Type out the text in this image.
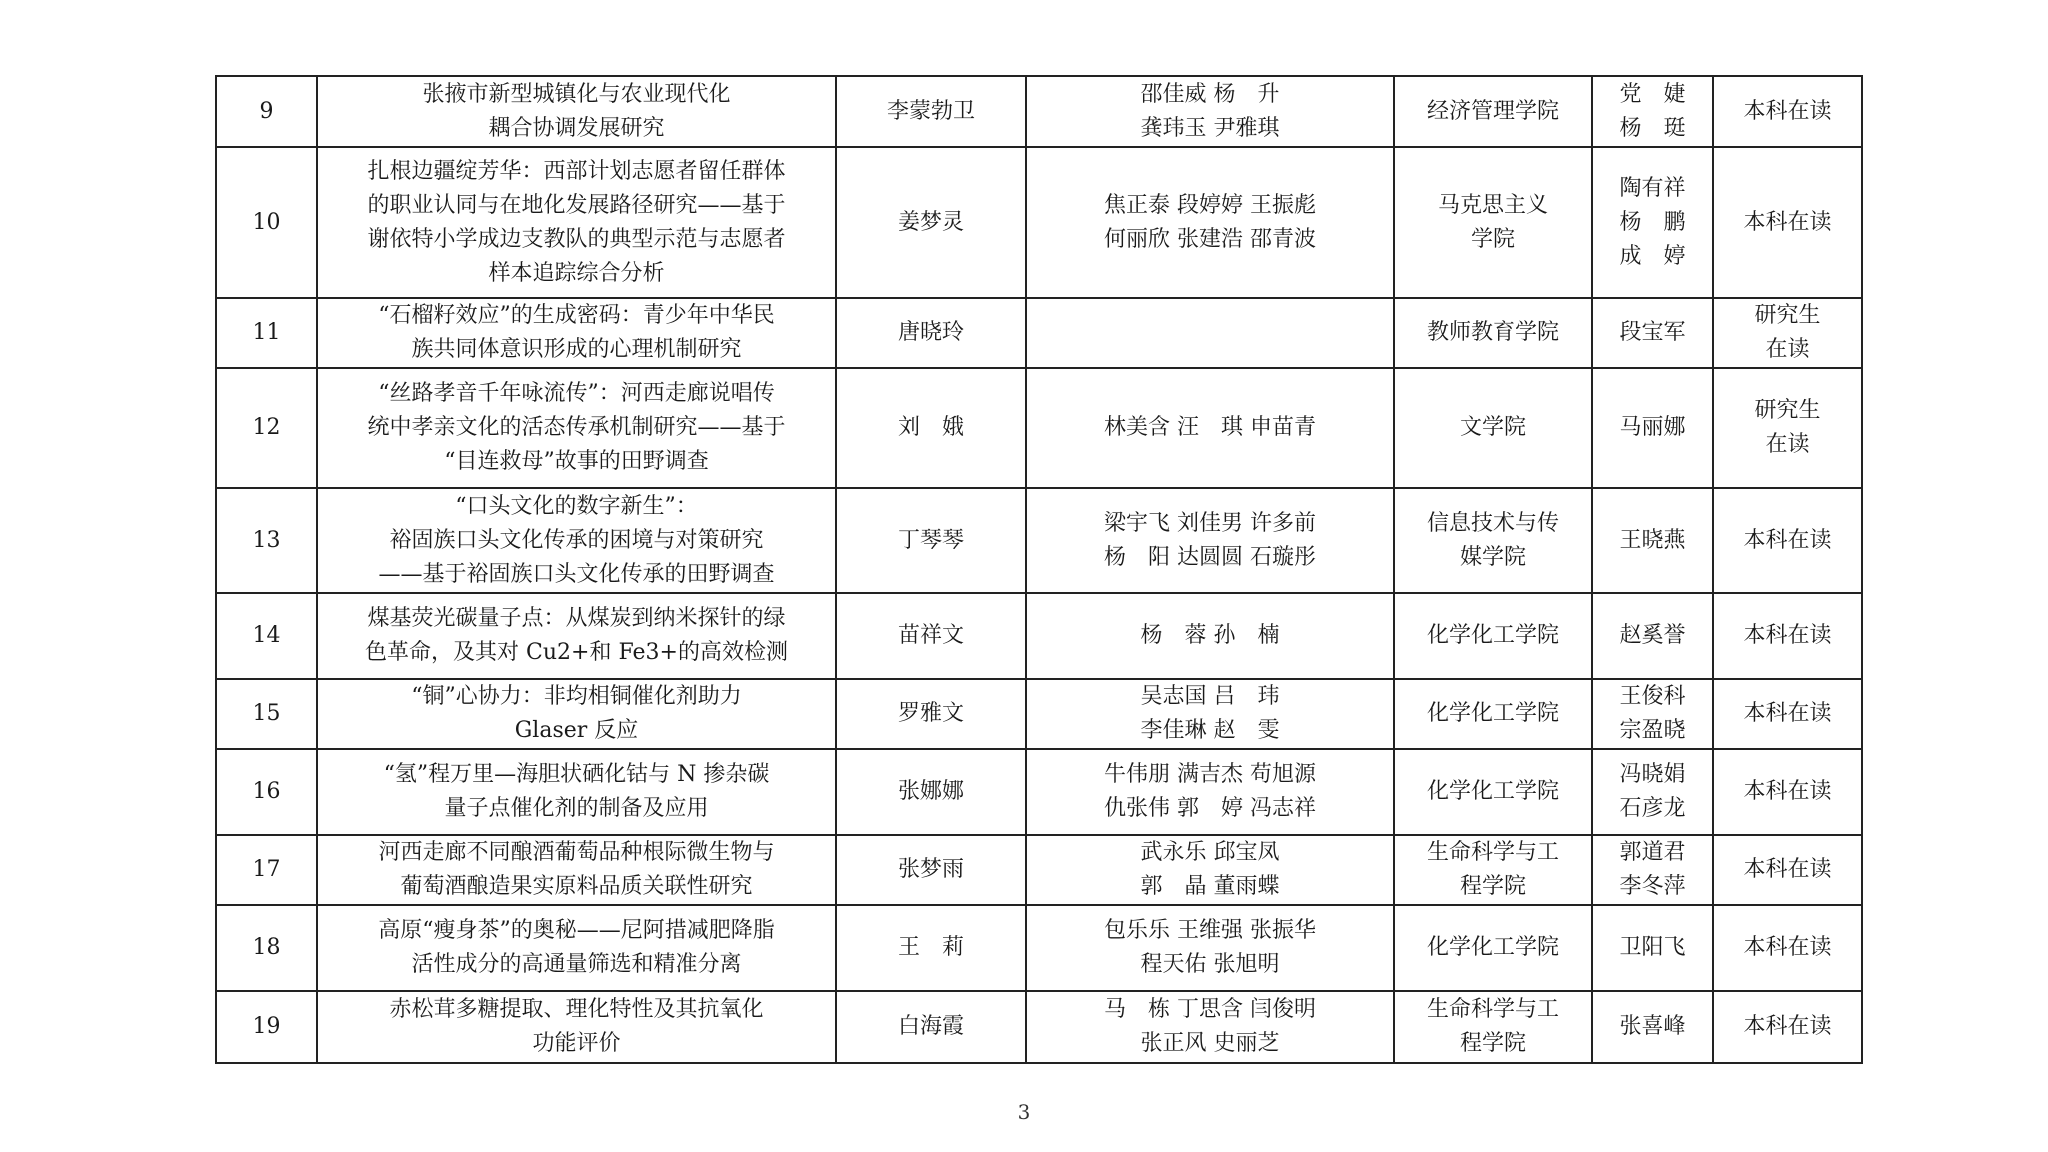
9	张掖市新型城镇化与农业现代化
耦合协调发展研究	李蒙勃卫	邵佳威 杨　升
龚玮玉 尹雅琪	经济管理学院	党　婕
杨　珽	本科在读

10	扎根边疆绽芳华：西部计划志愿者留任群体
的职业认同与在地化发展路径研究——基于
谢依特小学成边支教队的典型示范与志愿者
样本追踪综合分析	姜梦灵	焦正泰 段婷婷 王振彪
何丽欣 张建浩 邵青波	马克思主义
学院	陶有祥
杨　鹏
成　婷	本科在读

11	“石榴籽效应”的生成密码：青少年中华民
族共同体意识形成的心理机制研究	唐晓玲		教师教育学院	段宝军	研究生
在读

12	“丝路孝音千年咏流传”：河西走廊说唱传
统中孝亲文化的活态传承机制研究——基于
“目连救母”故事的田野调查	刘　娥	林美含 汪　琪 申苗青	文学院	马丽娜	研究生
在读

13	“口头文化的数字新生”：
裕固族口头文化传承的困境与对策研究
——基于裕固族口头文化传承的田野调查	丁琴琴	梁宇飞 刘佳男 许多前
杨　阳 达圆圆 石璇彤	信息技术与传
媒学院	王晓燕	本科在读

14	煤基荧光碳量子点：从煤炭到纳米探针的绿
色革命，及其对 Cu2+和 Fe3+的高效检测	苗祥文	杨　蓉 孙　楠	化学化工学院	赵奚誉	本科在读

15	“铜”心协力：非均相铜催化剂助力
Glaser 反应	罗雅文	吴志国 吕　玮
李佳琳 赵　雯	化学化工学院	王俊科
宗盈晓	本科在读

16	“氢”程万里—海胆状硒化钴与 N 掺杂碳
量子点催化剂的制备及应用	张娜娜	牛伟朋 满吉杰 苟旭源
仇张伟 郭　婷 冯志祥	化学化工学院	冯晓娟
石彦龙	本科在读

17	河西走廊不同酿酒葡萄品种根际微生物与
葡萄酒酿造果实原料品质关联性研究	张梦雨	武永乐 邱宝凤
郭　晶 董雨蝶	生命科学与工
程学院	郭道君
李冬萍	本科在读

18	高原“瘦身茶”的奥秘——尼阿措减肥降脂
活性成分的高通量筛选和精准分离	王　莉	包乐乐 王维强 张振华
程天佑 张旭明	化学化工学院	卫阳飞	本科在读

19	赤松茸多糖提取、理化特性及其抗氧化
功能评价	白海霞	马　栋 丁思含 闫俊明
张正风 史丽芝	生命科学与工
程学院	张喜峰	本科在读
3
